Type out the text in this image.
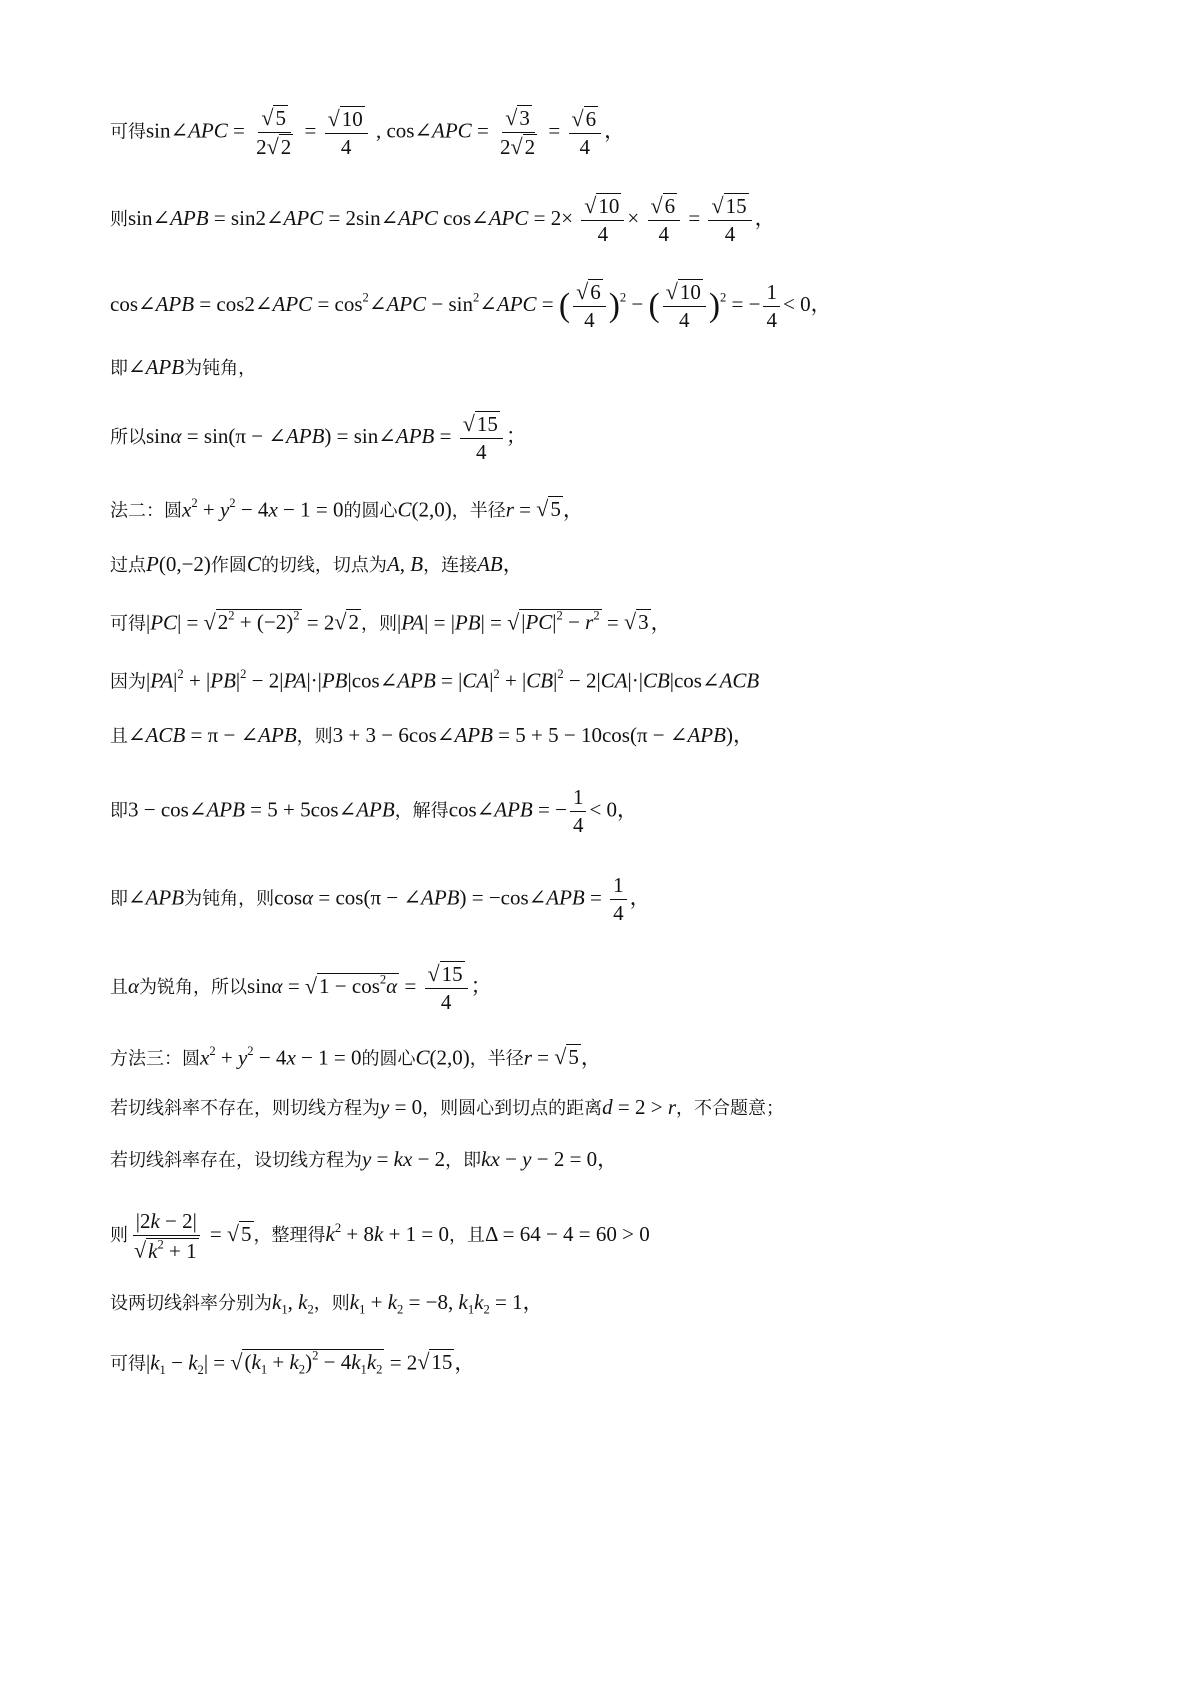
可得sin∠APC = $\frac{√5}{2√2} = \frac{√10}{4}$ , cos∠APC = $\frac{√3}{2√2} = \frac{√6}{4}$ ，
则sin∠APB = sin2∠APC = 2sin∠APC cos∠APC = $2\times \frac{√10}{4} \times \frac{√6}{4} = \frac{√15}{4}$ ，
cos∠APB = cos2∠APC = $\cos^2\angle APC$ − $\sin^2\angle APC$ = ( $\frac{√6}{4} )^2$ − ( $\frac{√10}{4} )^2$ = − $\frac{1}{4} < 0$，
即∠APB为钝角，
所以sinα = sin(π − ∠APB) = sin∠APB = $\frac{√15}{4}$ ；
法二：圆$x^2 + y^2 - 4x - 1 = 0$的圆心C(2,0)，半径r = √5，
过点P(0,−2)作圆C的切线，切点为A, B，连接AB，
可得$|PC| = √2^2 + (-2)^2 = 2√2$ ，则$|PA| = |PB| = √|PC|^2 - r^2 = √3$，
因为$|PA|^2 + |PB|^2$ − 2|PA|·|PB|cos∠APB = $|CA|^2 + |CB|^2$ − 2|CA|·|CB|cos∠ACB
且∠ACB = π − ∠APB，则3 + 3 − 6cos∠APB = 5 + 5 − 10cos(π − ∠APB)，
即3 − cos∠APB = 5 + 5cos∠APB，解得cos∠APB = − $\frac{1}{4} < 0$，
即∠APB为钝角，则cosα = cos(π − ∠APB) = −cos∠APB = $\frac{1}{4}$ ，
且α为锐角，所以$\sin\alpha = √1 - \cos^2\alpha = \frac{√15}{4}$ ；
方法三：圆$x^2 + y^2 - 4x - 1 = 0$的圆心C(2,0)，半径r = √5，
若切线斜率不存在，则切线方程为y = 0，则圆心到切点的距离d = 2 > r，不合题意；
若切线斜率存在，设切线方程为y = kx − 2，即kx − y − 2 = 0，
则 $\frac{|2k - 2|}{√k^2 + 1} = √5$ ，整理得$k^2 + 8k + 1 = 0$，且Δ = 64 − 4 = 60 > 0
设两切线斜率分别为$k_1$, $k_2$，则$k_1 + k_2 = -8$, $k_1k_2 = 1$，
可得$|k_1 - k_2| = √(k_1 + k_2)^2 - 4k_1k_2 = 2√15$，
